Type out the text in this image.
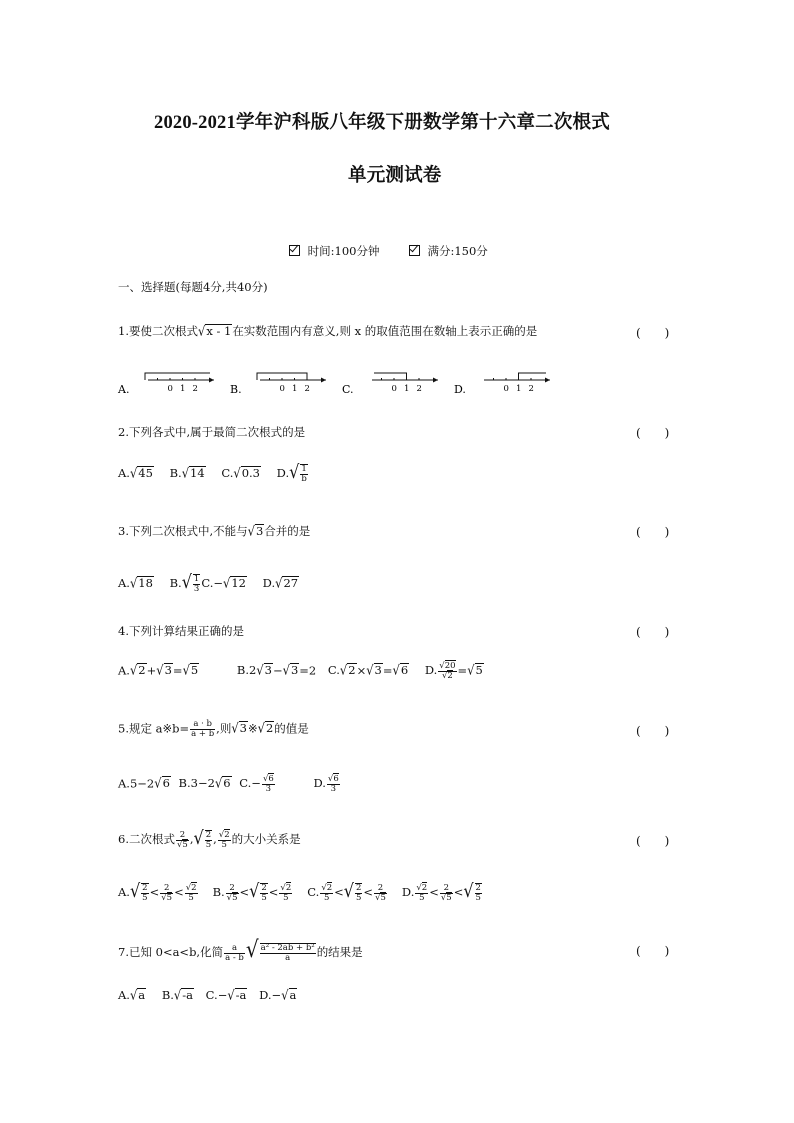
2020-2021学年沪科版八年级下册数学第十六章二次根式
单元测试卷
时间:100分钟	满分:150分
一、选择题(每题4分,共40分)
1.要使二次根式√x - 1在实数范围内有意义,则 x 的取值范围在数轴上表示正确的是	(　　)
A.	0 1 2	B.	0 1 2	C.	0 1 2	D.	0 1 2
2.下列各式中,属于最简二次根式的是	(　　)
A.√45 B.√14 C.√0.3 $D.√ \frac{1}{b}$
3.下列二次根式中,不能与√3合并的是	(　　)
A.√18 $B.√ \frac{1}{3} C.-√12$ D.√27
4.下列计算结果正确的是	(　　)
A.√2+√3=√5	B.2√3−√3=2 C.√2×√3=√6 D. $\frac{√20}{√2} =√5$
5.规定 a※b= $\frac{a \cdot b}{a + b}$ ,则√3※√2的值是	(　　)
A.5−2√6 B.3−2√6 $C.- \frac{√6}{3}$	D. $\frac{√6}{3}$
6.二次根式 $\frac{2}{√5}$ ,√ $\frac{2}{5}$ , $\frac{√2}{5}$ 的大小关系是	(　　)
$A.√ \frac{2}{5} < \frac{2}{√5} < \frac{√2}{5} B$. $\frac{2}{√5}$ <√ $\frac{2}{5} < \frac{√2}{5} C$. $\frac{√2}{5}$ <√ $\frac{2}{5} < \frac{2}{√5} D$. $\frac{√2}{5} < \frac{2}{√5}$ <√ $\frac{2}{5}$
7.已知 0<a<b,化简 $\frac{a}{a - b}$ √ $\frac{\text{a² - 2ab + b²}}{a}$ 的结果是	(　　)
A.√a B.√-a C.−√-a D.−√a
